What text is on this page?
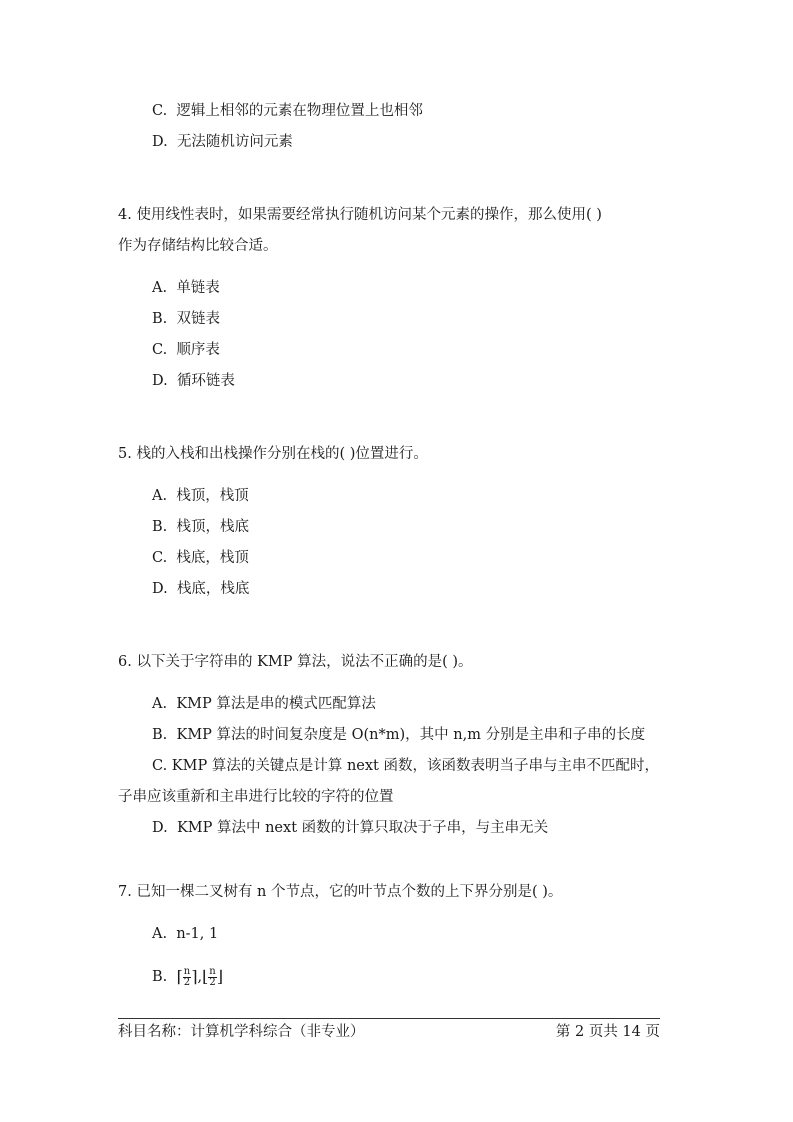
C. 逻辑上相邻的元素在物理位置上也相邻
D. 无法随机访问元素
4. 使用线性表时，如果需要经常执行随机访问某个元素的操作，那么使用( )
作为存储结构比较合适。
A. 单链表
B. 双链表
C. 顺序表
D. 循环链表
5. 栈的入栈和出栈操作分别在栈的( )位置进行。
A. 栈顶，栈顶
B. 栈顶，栈底
C. 栈底，栈顶
D. 栈底，栈底
6. 以下关于字符串的 KMP 算法，说法不正确的是( )。
A. KMP 算法是串的模式匹配算法
B. KMP 算法的时间复杂度是 O(n*m)，其中 n,m 分别是主串和子串的长度
C. KMP 算法的关键点是计算 next 函数，该函数表明当子串与主串不匹配时，
子串应该重新和主串进行比较的字符的位置
D. KMP 算法中 next 函数的计算只取决于子串，与主串无关
7. 已知一棵二叉树有 n 个节点，它的叶节点个数的上下界分别是( )。
A. n-1, 1
B. ⌈ $\frac{n}{2}$ ⌉,⌊ $\frac{n}{2}$ ⌋
科目名称：计算机学科综合（非专业）	第 2 页共 14 页
